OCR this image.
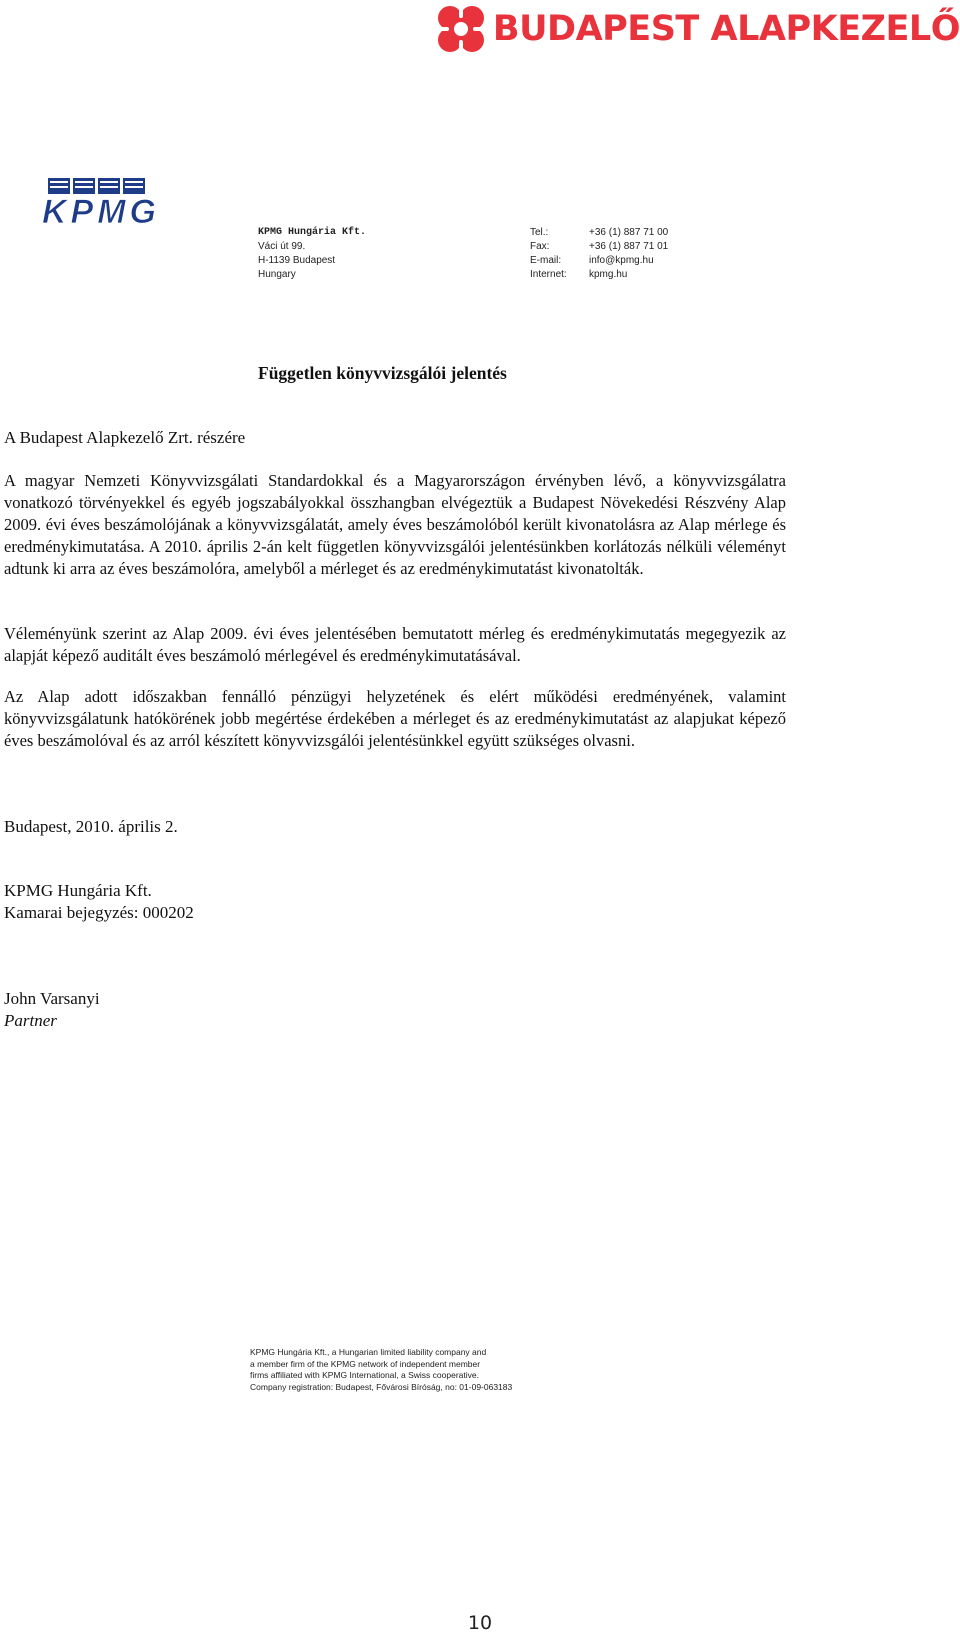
BUDAPEST ALAPKEZELŐ
KPMG
KPMG Hungária Kft.
Váci út 99.
H-1139 Budapest
Hungary
Tel.:	+36 (1) 887 71 00
Fax:	+36 (1) 887 71 01
E-mail:	info@kpmg.hu
Internet:	kpmg.hu
Független könyvvizsgálói jelentés
A Budapest Alapkezelő Zrt. részére
A magyar Nemzeti Könyvvizsgálati Standardokkal és a Magyarországon érvényben lévő, a könyvvizsgálatra vonatkozó törvényekkel és egyéb jogszabályokkal összhangban elvégeztük a Budapest Növekedési Részvény Alap 2009. évi éves beszámolójának a könyvvizsgálatát, amely éves beszámolóból került kivonatolásra az Alap mérlege és eredménykimutatása. A 2010. április 2-án kelt független könyvvizsgálói jelentésünkben korlátozás nélküli véleményt adtunk ki arra az éves beszámolóra, amelyből a mérleget és az eredménykimutatást kivonatolták.
Véleményünk szerint az Alap 2009. évi éves jelentésében bemutatott mérleg és eredménykimutatás megegyezik az alapját képező auditált éves beszámoló mérlegével és eredménykimutatásával.
Az Alap adott időszakban fennálló pénzügyi helyzetének és elért működési eredményének, valamint könyvvizsgálatunk hatókörének jobb megértése érdekében a mérleget és az eredménykimutatást az alapjukat képező éves beszámolóval és az arról készített könyvvizsgálói jelentésünkkel együtt szükséges olvasni.
Budapest, 2010. április 2.
KPMG Hungária Kft.
Kamarai bejegyzés: 000202
John Varsanyi
Partner
KPMG Hungária Kft., a Hungarian limited liability company and
a member firm of the KPMG network of independent member
firms affiliated with KPMG International, a Swiss cooperative.
Company registration: Budapest, Fővárosi Bíróság, no: 01-09-063183
10
